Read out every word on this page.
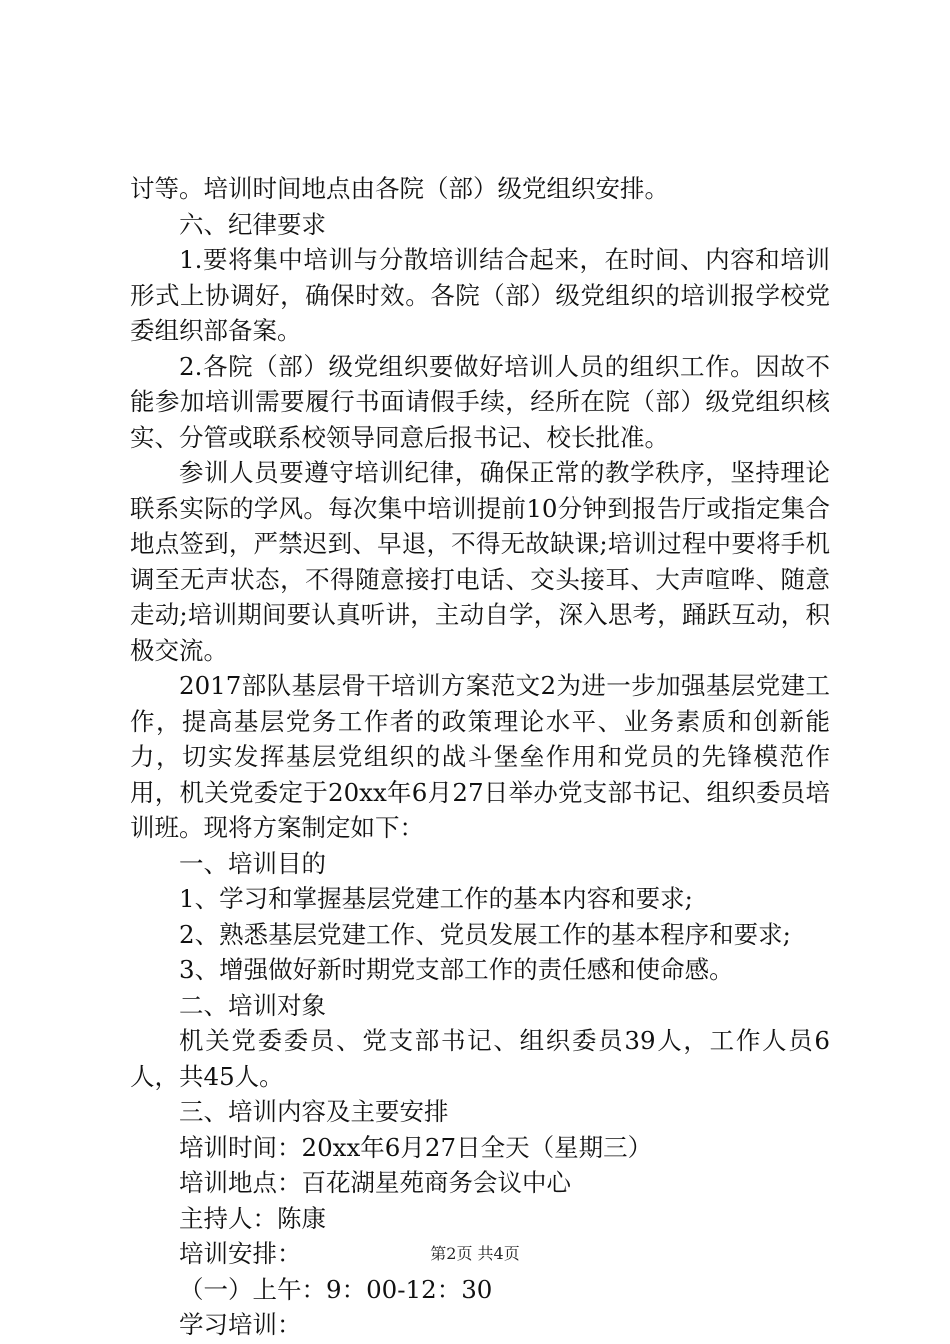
讨等。培训时间地点由各院（部）级党组织安排。

六、纪律要求

1.要将集中培训与分散培训结合起来，在时间、内容和培训形式上协调好，确保时效。各院（部）级党组织的培训报学校党委组织部备案。

2.各院（部）级党组织要做好培训人员的组织工作。因故不能参加培训需要履行书面请假手续，经所在院（部）级党组织核实、分管或联系校领导同意后报书记、校长批准。

参训人员要遵守培训纪律，确保正常的教学秩序，坚持理论联系实际的学风。每次集中培训提前10分钟到报告厅或指定集合地点签到，严禁迟到、早退，不得无故缺课;培训过程中要将手机调至无声状态，不得随意接打电话、交头接耳、大声喧哗、随意走动;培训期间要认真听讲，主动自学，深入思考，踊跃互动，积极交流。

2017部队基层骨干培训方案范文2为进一步加强基层党建工作，提高基层党务工作者的政策理论水平、业务素质和创新能力，切实发挥基层党组织的战斗堡垒作用和党员的先锋模范作用，机关党委定于20xx年6月27日举办党支部书记、组织委员培训班。现将方案制定如下：

一、培训目的

1、学习和掌握基层党建工作的基本内容和要求;

2、熟悉基层党建工作、党员发展工作的基本程序和要求;

3、增强做好新时期党支部工作的责任感和使命感。

二、培训对象

机关党委委员、党支部书记、组织委员39人，工作人员6人，共45人。

三、培训内容及主要安排

培训时间：20xx年6月27日全天（星期三）

培训地点：百花湖星苑商务会议中心

主持人：陈康

培训安排：

（一）上午：9：00-12：30

学习培训：

第2页 共4页
